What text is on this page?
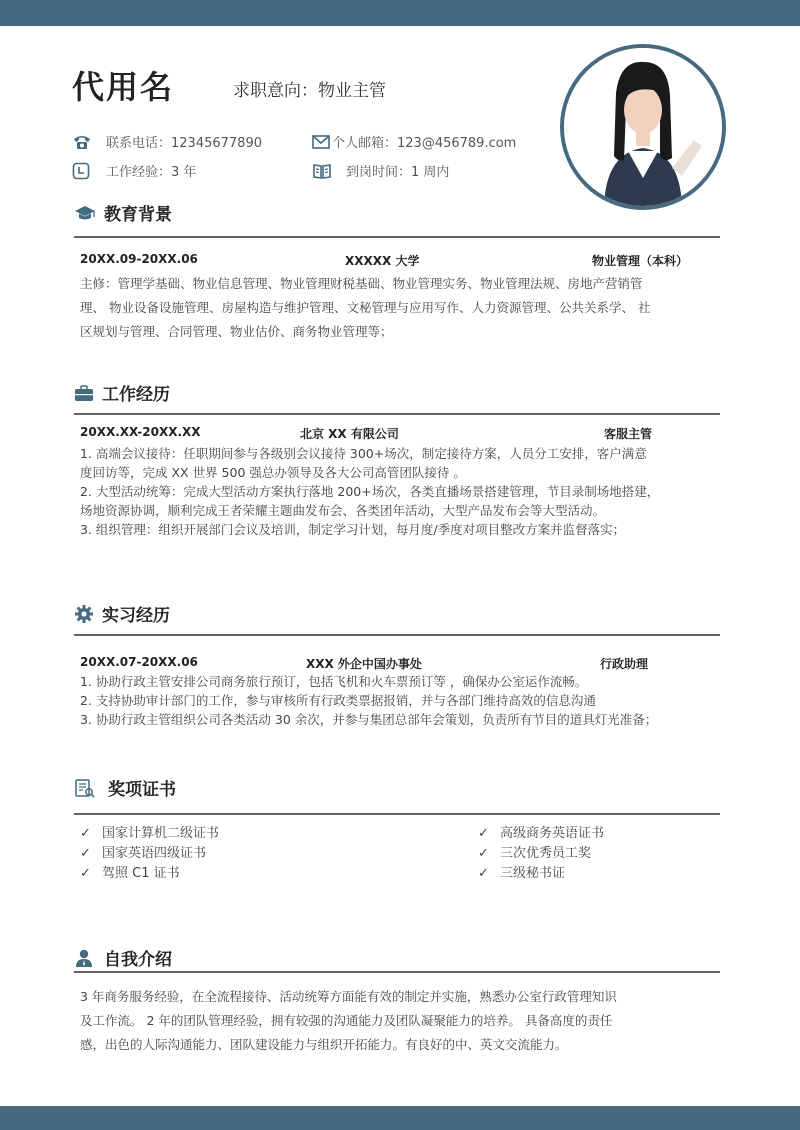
代用名	求职意向：物业主管
联系电话：12345677890	个人邮箱：123@456789.com
工作经验：3 年	到岗时间：1 周内
教育背景
20XX.09-20XX.06	XXXXX 大学	物业管理（本科）
主修：管理学基础、物业信息管理、物业管理财税基础、物业管理实务、物业管理法规、房地产营销管
理、 物业设备设施管理、房屋构造与维护管理、文秘管理与应用写作、人力资源管理、公共关系学、 社
区规划与管理、合同管理、物业估价、商务物业管理等；
工作经历
20XX.XX-20XX.XX	北京 XX 有限公司	客服主管
1. 高端会议接待：任职期间参与各级别会议接待 300+场次，制定接待方案，人员分工安排，客户满意
度回访等，完成 XX 世界 500 强总办领导及各大公司高管团队接待 。
2. 大型活动统筹：完成大型活动方案执行落地 200+场次，各类直播场景搭建管理，节目录制场地搭建，
场地资源协调，顺利完成王者荣耀主题曲发布会、各类团年活动，大型产品发布会等大型活动。
3. 组织管理：组织开展部门会议及培训，制定学习计划，每月度/季度对项目整改方案并监督落实；
实习经历
20XX.07-20XX.06	XXX 外企中国办事处	行政助理
1. 协助行政主管安排公司商务旅行预订，包括飞机和火车票预订等 ，确保办公室运作流畅。
2. 支持协助审计部门的工作，参与审核所有行政类票据报销，并与各部门维持高效的信息沟通
3. 协助行政主管组织公司各类活动 30 余次，并参与集团总部年会策划，负责所有节目的道具灯光准备；
奖项证书
✓ 国家计算机二级证书
✓ 国家英语四级证书
✓ 驾照 C1 证书
✓ 高级商务英语证书
✓ 三次优秀员工奖
✓ 三级秘书证
自我介绍
3 年商务服务经验，在全流程接待、活动统筹方面能有效的制定并实施，熟悉办公室行政管理知识
及工作流。 2 年的团队管理经验，拥有较强的沟通能力及团队凝聚能力的培养。 具备高度的责任
感，出色的人际沟通能力、团队建设能力与组织开拓能力。有良好的中、英文交流能力。
